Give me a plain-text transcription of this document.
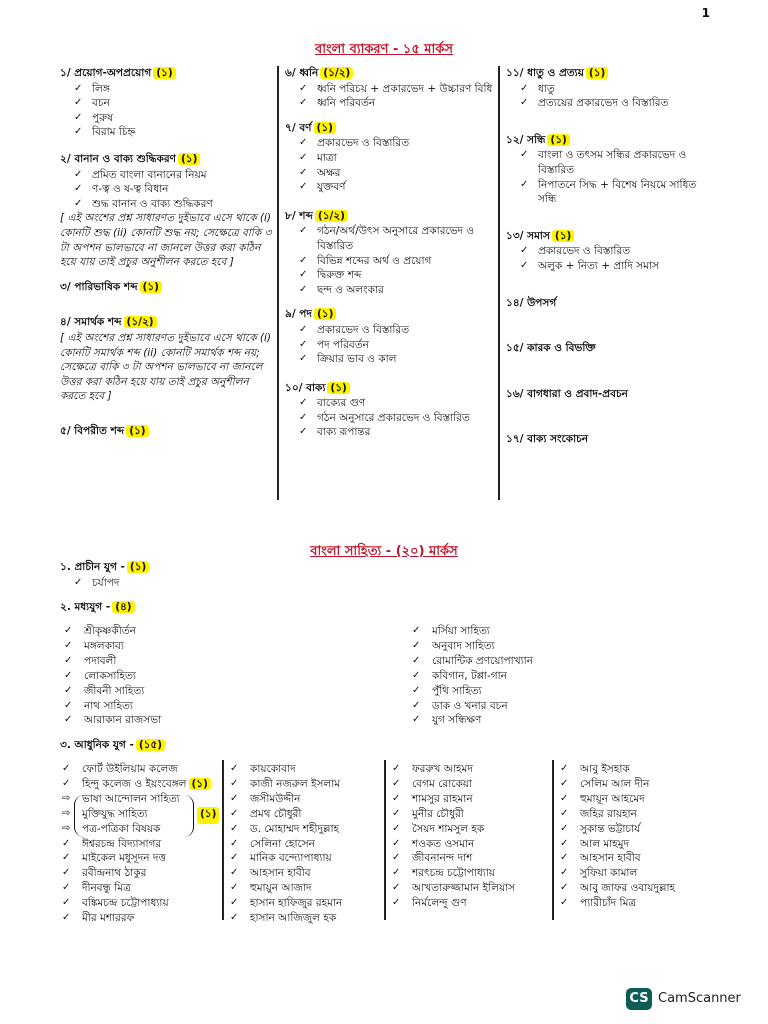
1
বাংলা ব্যাকরণ - ১৫ মার্কস
১/ প্রয়োগ-অপপ্রয়োগ (১)
✓ লিঙ্গ
✓ বচন
✓ পুরুষ
✓ বিরাম চিহ্ন
২/ বানান ও বাক্য শুদ্ধিকরণ (১)
✓ প্রমিত বাংলা বানানের নিয়ম
✓ ণ-ত্ব ও ষ-ত্ব বিধান
✓ শুদ্ধ বানান ও বাক্য শুদ্ধিকরণ
[ এই অংশের প্রশ্ন সাধারণত দুইভাবে এসে থাকে (i) কোনটি শুদ্ধ (ii) কোনটি শুদ্ধ নয়; সেক্ষেত্রে বাকি ৩ টা অপশন ভালভাবে না জানলে উত্তর করা কঠিন হয়ে যায় তাই প্রচুর অনুশীলন করতে হবে ]
৩/ পারিভাষিক শব্দ (১)
৪/ সমার্থক শব্দ (১/২)
[ এই অংশের প্রশ্ন সাধারণত দুইভাবে এসে থাকে (i) কোনটি সমার্থক শব্দ (ii) কোনটি সমার্থক শব্দ নয়; সেক্ষেত্রে বাকি ৩ টা অপশন ভালভাবে না জানলে উত্তর করা কঠিন হয়ে যায় তাই প্রচুর অনুশীলন করতে হবে ]
৫/ বিপরীত শব্দ (১)
৬/ ধ্বনি (১/২)
✓ ধ্বনি পরিচয় + প্রকারভেদ + উচ্চারণ বিধি
✓ ধ্বনি পরিবর্তন
৭/ বর্ণ (১)
✓ প্রকারভেদ ও বিস্তারিত
✓ মাত্রা
✓ অক্ষর
✓ যুক্তবর্ণ
৮/ শব্দ (১/২)
✓ গঠন/অর্থ/উৎস অনুসারে প্রকারভেদ ও বিস্তারিত
✓ বিভিন্ন শব্দের অর্থ ও প্রয়োগ
✓ দ্বিরুক্ত শব্দ
✓ ছন্দ ও অলংকার
৯/ পদ (১)
✓ প্রকারভেদ ও বিস্তারিত
✓ পদ পরিবর্তন
✓ ক্রিয়ার ভাব ও কাল
১০/ বাক্য (১)
✓ বাক্যের গুণ
✓ গঠন অনুসারে প্রকারভেদ ও বিস্তারিত
✓ বাক্য রূপান্তর
১১/ ধাতু ও প্রত্যয় (১)
✓ ধাতু
✓ প্রত্যয়ের প্রকারভেদ ও বিস্তারিত
১২/ সন্ধি (১)
✓ বাংলা ও তৎসম সন্ধির প্রকারভেদ ও বিস্তারিত
✓ নিপাতনে সিদ্ধ + বিশেষ নিয়মে সাধিত সন্ধি
১৩/ সমাস (১)
✓ প্রকারভেদ ও বিস্তারিত
✓ অলুক + নিত্য + প্রাদি সমাস
১৪/ উপসর্গ
১৫/ কারক ও বিভক্তি
১৬/ বাগধারা ও প্রবাদ-প্রবচন
১৭/ বাক্য সংকোচন
বাংলা সাহিত্য - (২০) মার্কস
১. প্রাচীন যুগ - (১)
✓ চর্যাপদ
২. মধ্যযুগ - (৪)
✓ শ্রীকৃষ্ণকীর্তন
✓ মঙ্গলকাব্য
✓ পদাবলী
✓ লোকসাহিত্য
✓ জীবনী সাহিত্য
✓ নাথ সাহিত্য
✓ আরাকান রাজসভা
✓ মর্সিয়া সাহিত্য
✓ অনুবাদ সাহিত্য
✓ রোমান্টিক প্রণয়োপাখ্যান
✓ কবিগান, টপ্পা-গান
✓ পুঁথি সাহিত্য
✓ ডাক ও খনার বচন
✓ যুগ সন্ধিক্ষণ
৩. আধুনিক যুগ - (১৫)
✓ ফোর্ট উইলিয়াম কলেজ
✓ হিন্দু কলেজ ও ইয়ংবেঙ্গল (১)
⇨ ভাষা আন্দোলন সাহিত্য
⇨ মুক্তিযুদ্ধ সাহিত্য
⇨ পত্র-পত্রিকা বিষয়ক
✓ ঈশ্বরচন্দ্র বিদ্যাসাগর
✓ মাইকেল মধুসূদন দত্ত
✓ রবীন্দ্রনাথ ঠাকুর
✓ দীনবন্ধু মিত্র
✓ বঙ্কিমচন্দ্র চট্টোপাধ্যায়
✓ মীর মশাররফ
✓ কায়কোবাদ
✓ কাজী নজরুল ইসলাম
✓ জসীমউদ্দীন
✓ প্রমথ চৌধুরী
✓ ড. মোহাম্মদ শহীদুল্লাহ
✓ সেলিনা হোসেন
✓ মানিক বন্দ্যোপাধ্যায়
✓ আহসান হাবীব
✓ হুমায়ুন আজাদ
✓ হাসান হাফিজুর রহমান
✓ হাসান আজিজুল হক
✓ ফররুখ আহমদ
✓ বেগম রোকেয়া
✓ শামসুর রাহমান
✓ মুনীর চৌধুরী
✓ সৈয়দ শামসুল হক
✓ শওকত ওসমান
✓ জীবনানন্দ দাশ
✓ শরৎচন্দ্র চট্টোপাধ্যায়
✓ আখতারুজ্জামান ইলিয়াস
✓ নির্মলেন্দু গুণ
✓ আবু ইসহাক
✓ সেলিম আল দীন
✓ হুমায়ূন আহমেদ
✓ জহির রায়হান
✓ সুকান্ত ভট্টাচার্য
✓ আল মাহমুদ
✓ আহসান হাবীব
✓ সুফিয়া কামাল
✓ আবু জাফর ওবায়দুল্লাহ
✓ প্যারীচাঁদ মিত্র
(১)
CS CamScanner
